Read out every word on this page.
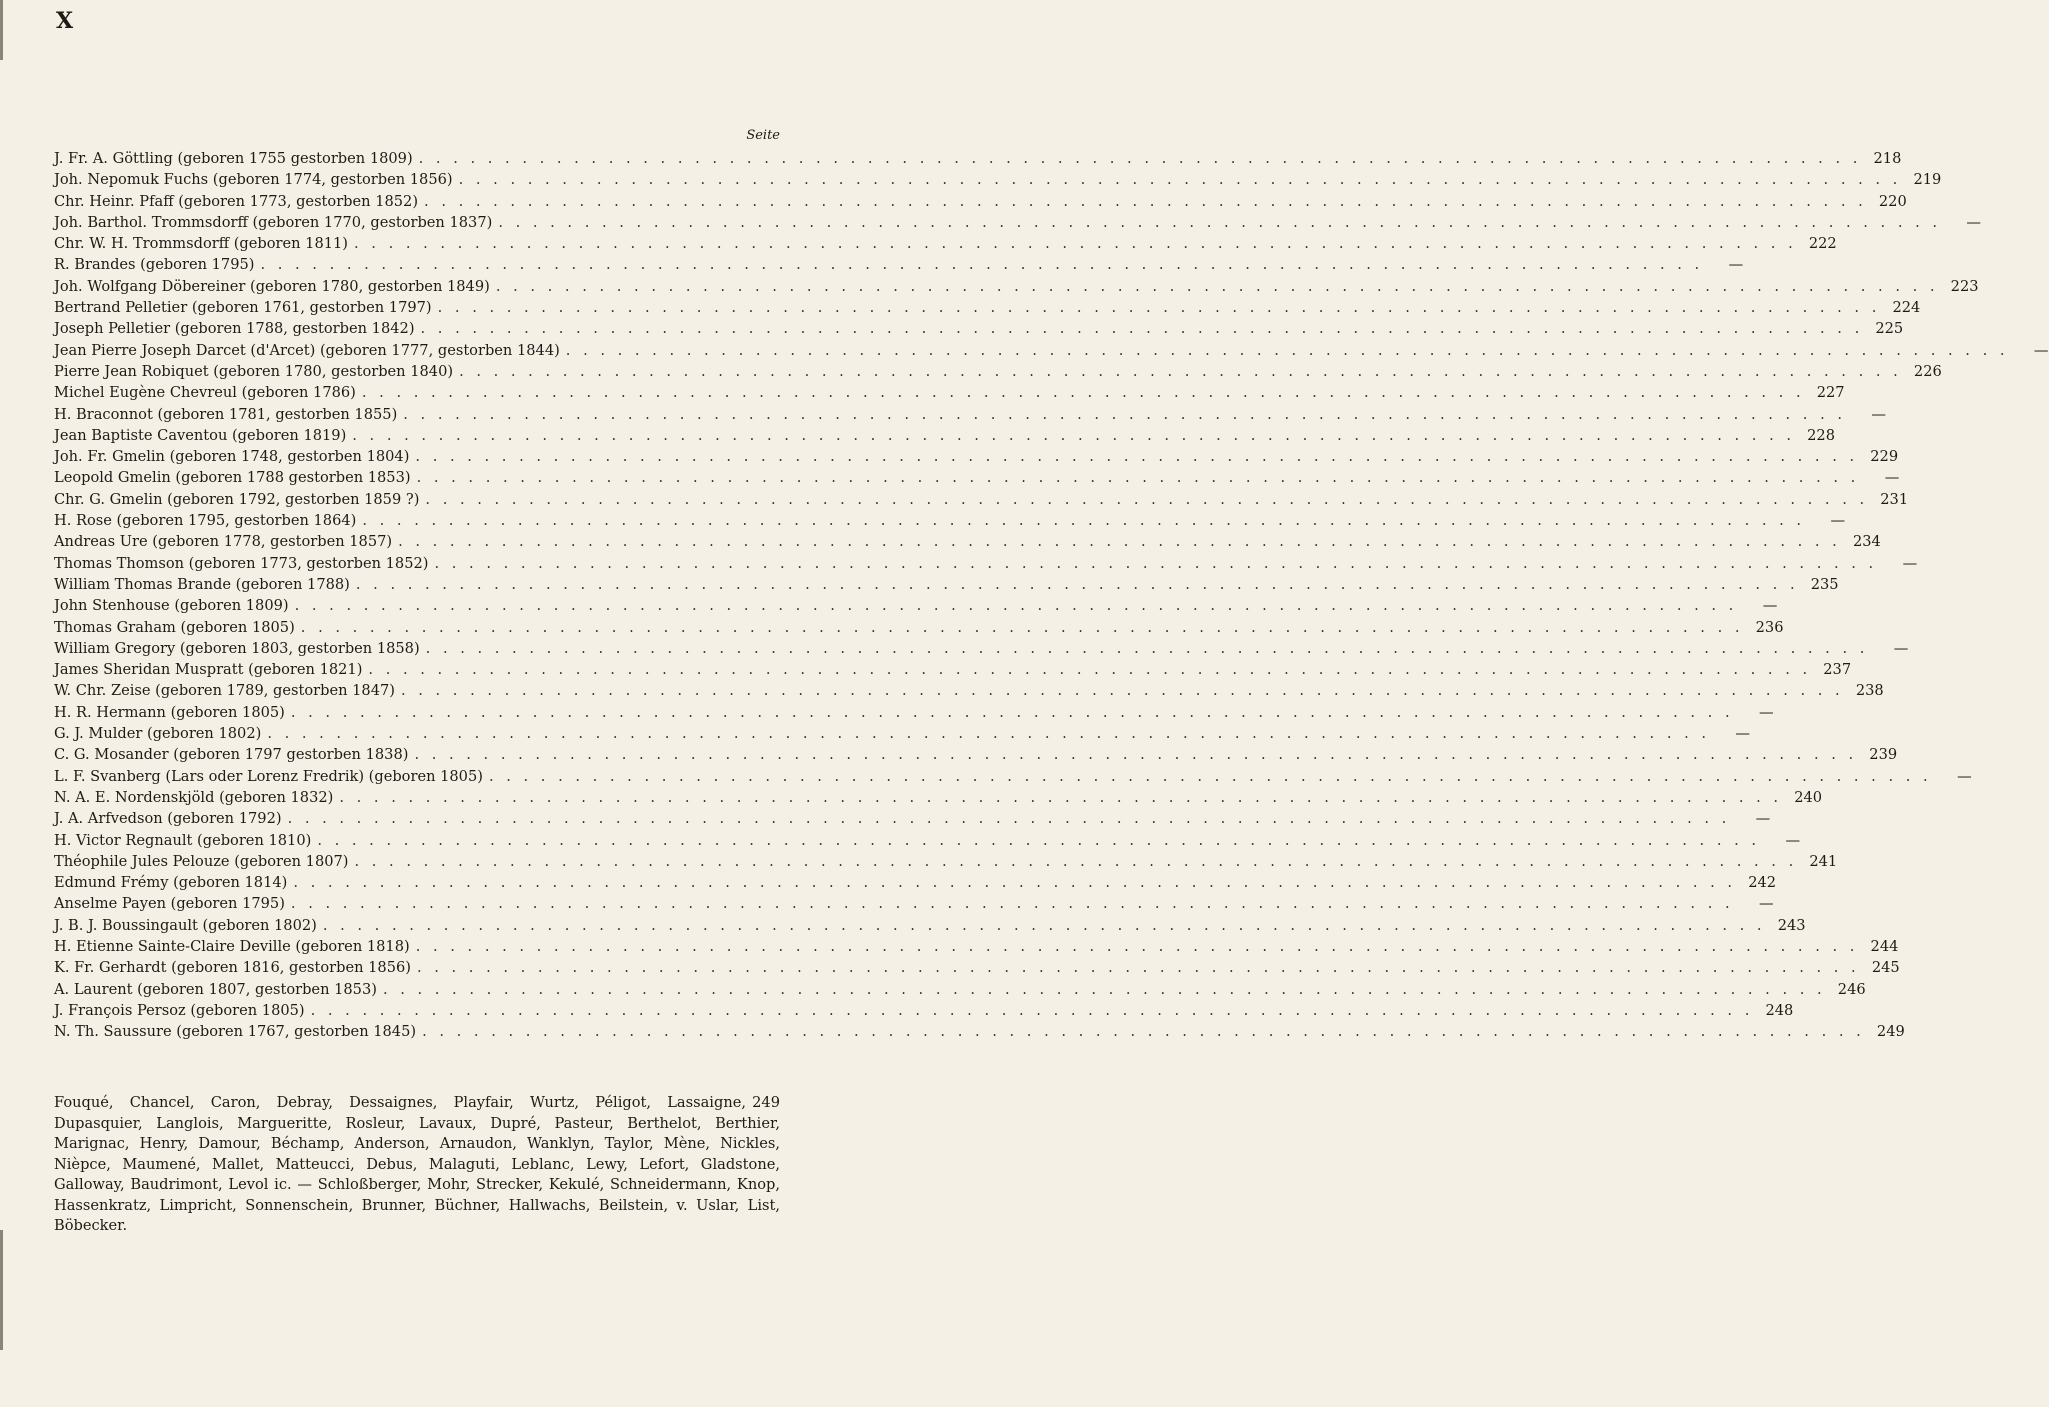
X
Seite
J. Fr. A. Göttling (geboren 1755 gestorben 1809) . . .	218
Joh. Nepomuk Fuchs (geboren 1774, gestorben 1856) . . .	219
Chr. Heinr. Pfaff (geboren 1773, gestorben 1852) . . .	220
Joh. Barthol. Trommsdorff (geboren 1770, gestorben 1837) . . .	—
Chr. W. H. Trommsdorff (geboren 1811) . . .	222
R. Brandes (geboren 1795) . . .	—
Joh. Wolfgang Döbereiner (geboren 1780, gestorben 1849) . . .	223
Bertrand Pelletier (geboren 1761, gestorben 1797) . . .	224
Joseph Pelletier (geboren 1788, gestorben 1842) . . .	225
Jean Pierre Joseph Darcet (d'Arcet) (geboren 1777, gestorben 1844) . . .	—
Pierre Jean Robiquet (geboren 1780, gestorben 1840) . . .	226
Michel Eugène Chevreul (geboren 1786) . . .	227
H. Braconnot (geboren 1781, gestorben 1855) . . .	—
Jean Baptiste Caventou (geboren 1819) . . .	228
Joh. Fr. Gmelin (geboren 1748, gestorben 1804) . . .	229
Leopold Gmelin (geboren 1788 gestorben 1853) . . .	—
Chr. G. Gmelin (geboren 1792, gestorben 1859 ?) . . .	231
H. Rose (geboren 1795, gestorben 1864) . . .	—
Andreas Ure (geboren 1778, gestorben 1857) . . .	234
Thomas Thomson (geboren 1773, gestorben 1852) . . .	—
William Thomas Brande (geboren 1788) . . .	235
John Stenhouse (geboren 1809) . . .	—
Thomas Graham (geboren 1805) . . .	236
William Gregory (geboren 1803, gestorben 1858) . . .	—
James Sheridan Muspratt (geboren 1821) . . .	237
W. Chr. Zeise (geboren 1789, gestorben 1847) . . .	238
H. R. Hermann (geboren 1805) . . .	—
G. J. Mulder (geboren 1802) . . .	—
C. G. Mosander (geboren 1797 gestorben 1838) . . .	239
L. F. Svanberg (Lars oder Lorenz Fredrik) (geboren 1805) . . .	—
N. A. E. Nordenskjöld (geboren 1832) . . .	240
J. A. Arfvedson (geboren 1792) . . .	—
H. Victor Regnault (geboren 1810) . . .	—
Théophile Jules Pelouze (geboren 1807) . . .	241
Edmund Frémy (geboren 1814) . . .	242
Anselme Payen (geboren 1795) . . .	—
J. B. J. Boussingault (geboren 1802) . . .	243
H. Etienne Sainte-Claire Deville (geboren 1818) . . .	244
K. Fr. Gerhardt (geboren 1816, gestorben 1856) . . .	245
A. Laurent (geboren 1807, gestorben 1853) . . .	246
J. François Persoz (geboren 1805) . . .	248
N. Th. Saussure (geboren 1767, gestorben 1845) . . .	249
249
Fouqué, Chancel, Caron, Debray, Dessaignes, Playfair, Wurtz, Péligot, Lassaigne, Dupasquier, Langlois, Margueritte, Rosleur, Lavaux, Dupré, Pasteur, Berthelot, Berthier, Marignac, Henry, Damour, Béchamp, Anderson, Arnaudon, Wanklyn, Taylor, Mène, Nickles, Nièpce, Maumené, Mallet, Matteucci, Debus, Malaguti, Leblanc, Lewy, Lefort, Gladstone, Galloway, Baudrimont, Levol ic. — Schloßberger, Mohr, Strecker, Kekulé, Schneidermann, Knop, Hassenkratz, Limpricht, Sonnenschein, Brunner, Büchner, Hallwachs, Beilstein, v. Uslar, List, Böbecker.
